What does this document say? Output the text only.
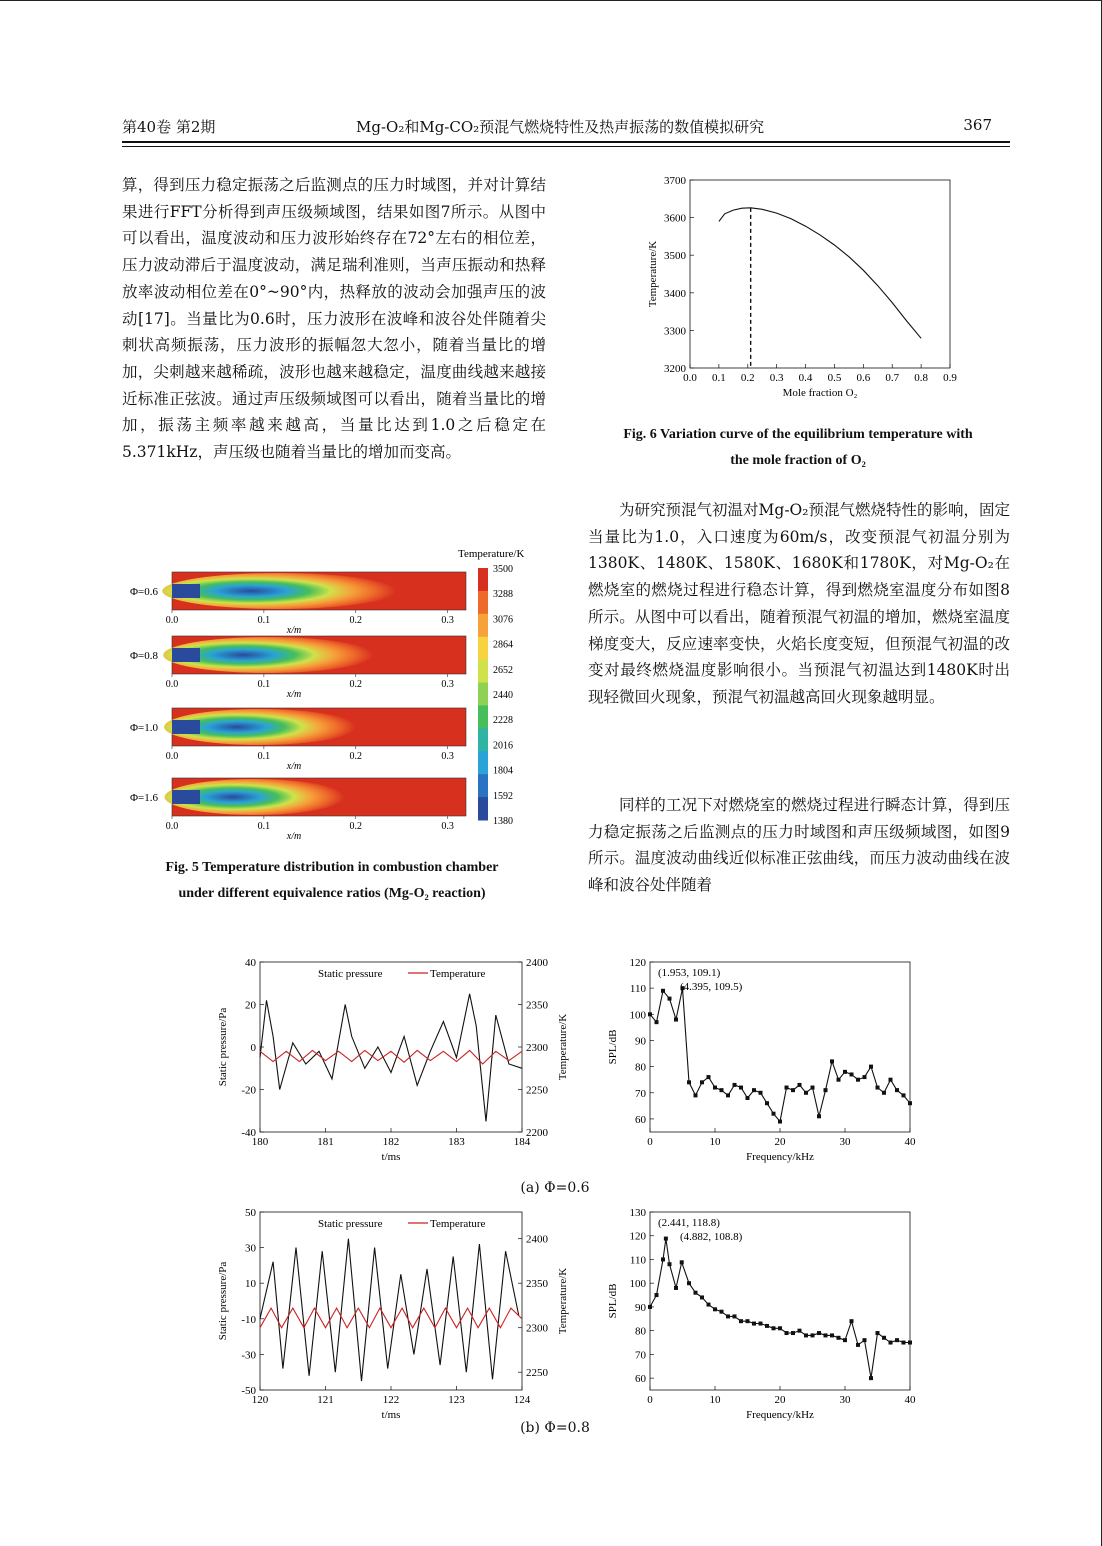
第40卷 第2期	Mg-O₂和Mg-CO₂预混气燃烧特性及热声振荡的数值模拟研究	367

算，得到压力稳定振荡之后监测点的压力时域图，并对计算结果进行FFT分析得到声压级频域图，结果如图7所示。从图中可以看出，温度波动和压力波形始终存在72°左右的相位差，压力波动滞后于温度波动，满足瑞利准则，当声压振动和热释放率波动相位差在0°~90°内，热释放的波动会加强声压的波动[17]。当量比为0.6时，压力波形在波峰和波谷处伴随着尖刺状高频振荡，压力波形的振幅忽大忽小，随着当量比的增加，尖刺越来越稀疏，波形也越来越稳定，温度曲线越来越接近标准正弦波。通过声压级频域图可以看出，随着当量比的增加，振荡主频率越来越高，当量比达到1.0之后稳定在5.371kHz，声压级也随着当量比的增加而变高。

Φ=0.6
0.0	0.1	0.2	0.3
x/m
Φ=0.8
0.0	0.1	0.2	0.3
x/m
Φ=1.0
0.0	0.1	0.2	0.3
x/m
Φ=1.6
0.0	0.1	0.2	0.3
x/m
Temperature/K
3500
3288
3076
2864
2652
2440
2228
2016
1804
1592
1380
Fig. 5 Temperature distribution in combustion chamber
under different equivalence ratios (Mg-O₂ reaction)
0.0 0.1 0.2 0.3 0.4 0.5 0.6 0.7 0.8 0.9
3200
3300
3400
3500
3600
3700
Mole fraction O₂
Temperature/K
Fig. 6 Variation curve of the equilibrium temperature with
the mole fraction of O₂

为研究预混气初温对Mg-O₂预混气燃烧特性的影响，固定当量比为1.0，入口速度为60m/s，改变预混气初温分别为1380K、1480K、1580K、1680K和1780K，对Mg-O₂在燃烧室的燃烧过程进行稳态计算，得到燃烧室温度分布如图8所示。从图中可以看出，随着预混气初温的增加，燃烧室温度梯度变大，反应速率变快，火焰长度变短，但预混气初温的改变对最终燃烧温度影响很小。当预混气初温达到1480K时出现轻微回火现象，预混气初温越高回火现象越明显。

同样的工况下对燃烧室的燃烧过程进行瞬态计算，得到压力稳定振荡之后监测点的压力时域图和声压级频域图，如图9所示。温度波动曲线近似标准正弦曲线，而压力波动曲线在波峰和波谷处伴随着

180	181	182	183	184
-40
-20
0
20
40
t/ms
Static pressure/Pa
2200
2250
2300
2350
2400
Temperature/K
Static pressure	Temperature
0	10	20	30	40
60
70
80
90
100
110
120
Frequency/kHz
SPL/dB
(1.953, 109.1)
(4.395, 109.5)
(a) Φ=0.6
120	121	122	123	124
-50
-30
-10
10
30
50
t/ms
Static pressure/Pa
2250
2300
2350
2400
Temperature/K
Static pressure	Temperature
0	10	20	30	40
60
70
80
90
100
110
120
130
Frequency/kHz
SPL/dB
(2.441, 118.8)
(4.882, 108.8)
(b) Φ=0.8
